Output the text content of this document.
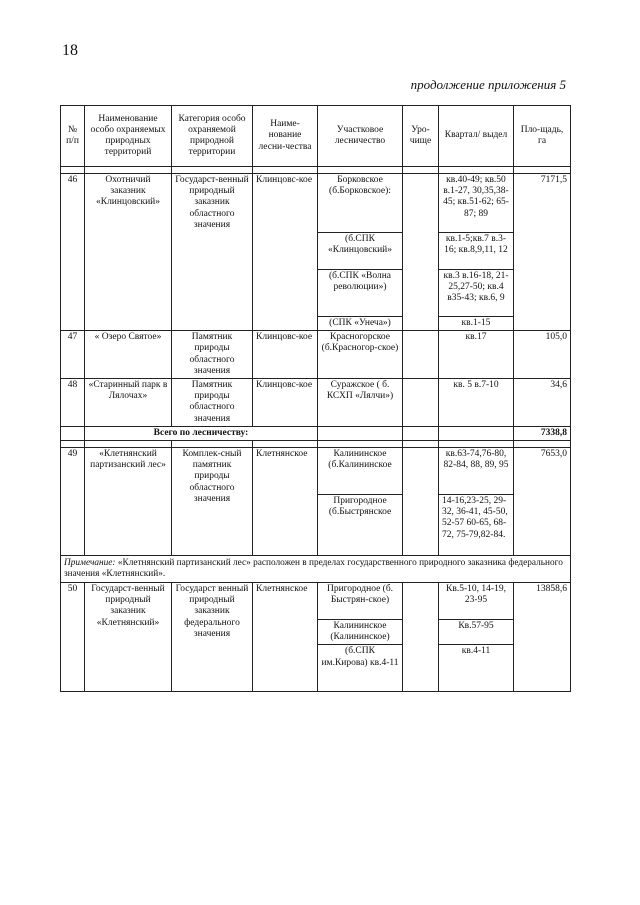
18
продолжение приложения 5
№ п/п	Наименование особо охраняемых природных территорий	Категория особо охраняемой природной территории	Наиме-нование лесни-чества	Участковое лесничество	Уро-чище	Квартал/ выдел	Пло-щадь, га

46	Охотничий заказник «Клинцовский»	Государст-венный природный заказник областного значения	Клинцовс-кое	Борковское (б.Борковское):		кв.40-49; кв.50 в.1-27, 30,35,38-45; кв.51-62; 65-87; 89	7171,5
				(б.СПК «Клинцовский»		кв.1-5;кв.7 в.3-16; кв.8,9,11, 12	
				(б.СПК «Волна революции»)		кв.3 в.16-18, 21-25,27-50; кв.4 в35-43; кв.6, 9	
				(СПК «Унеча»)		кв.1-15	
47	« Озеро Святое»	Памятник природы областного значения	Клинцовс-кое	Красногорское (б.Красногор-ское)		кв.17	105,0
48	«Старинный парк в Лялочах»	Памятник природы областного значения	Клинцовс-кое	Суражское ( б. КСХП «Лялчи»)		кв. 5 в.7-10	34,6
	Всего по лесничеству:						7338,8

49	«Клетнянский партизанский лес»	Комплек-сный памятник природы областного значения	Клетнянское	Калининское (б.Калининское		кв.63-74,76-80, 82-84, 88, 89, 95	7653,0
				Пригородное (б.Быстрянское		14-16,23-25, 29-32, 36-41, 45-50, 52-57 60-65, 68-72, 75-79,82-84.	
Примечание: «Клетнянский партизанский лес» расположен в пределах государственного природного заказника федерального значения «Клетнянский».							
50	Государст-венный природный заказник «Клетнянский»	Государст венный природный заказник федерального значения	Клетнянское	Пригородное (б. Быстрян-ское)		Кв.5-10, 14-19, 23-95	13858,6
				Калининское (Калининское)		Кв.57-95	
				(б.СПК им.Кирова) кв.4-11		кв.4-11	
